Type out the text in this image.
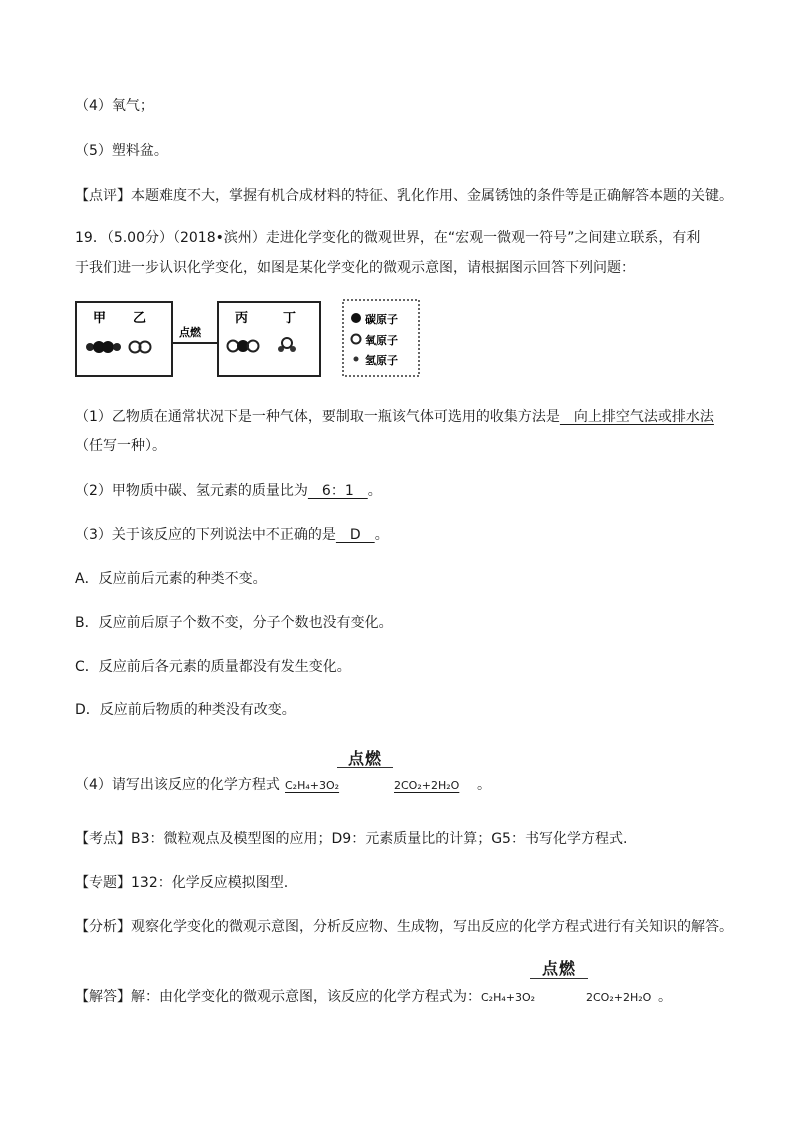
（4）氧气；
（5）塑料盆。
【点评】本题难度不大，掌握有机合成材料的特征、乳化作用、金属锈蚀的条件等是正确解答本题的关键。
19．（5.00分）（2018•滨州）走进化学变化的微观世界，在“宏观一微观一符号”之间建立联系，有利
于我们进一步认识化学变化，如图是某化学变化的微观示意图，请根据图示回答下列问题：
甲 乙
点燃
丙	丁	碳原子
氧原子
氢原子
（1）乙物质在通常状况下是一种气体，要制取一瓶该气体可选用的收集方法是　向上排空气法或排水法
（任写一种）。
（2）甲物质中碳、氢元素的质量比为　6：1　。
（3）关于该反应的下列说法中不正确的是　D　。
A．反应前后元素的种类不变。
B．反应前后原子个数不变，分子个数也没有变化。
C．反应前后各元素的质量都没有发生变化。
D．反应前后物质的种类没有改变。
点燃
（4）请写出该反应的化学方程式 C₂H₄+3O₂	2CO₂+2H₂O 。
【考点】B3：微粒观点及模型图的应用；D9：元素质量比的计算；G5：书写化学方程式.
【专题】132：化学反应模拟图型.
【分析】观察化学变化的微观示意图，分析反应物、生成物，写出反应的化学方程式进行有关知识的解答。
点燃
【解答】解：由化学变化的微观示意图，该反应的化学方程式为： C₂H₄+3O₂	2CO₂+2H₂O 。
